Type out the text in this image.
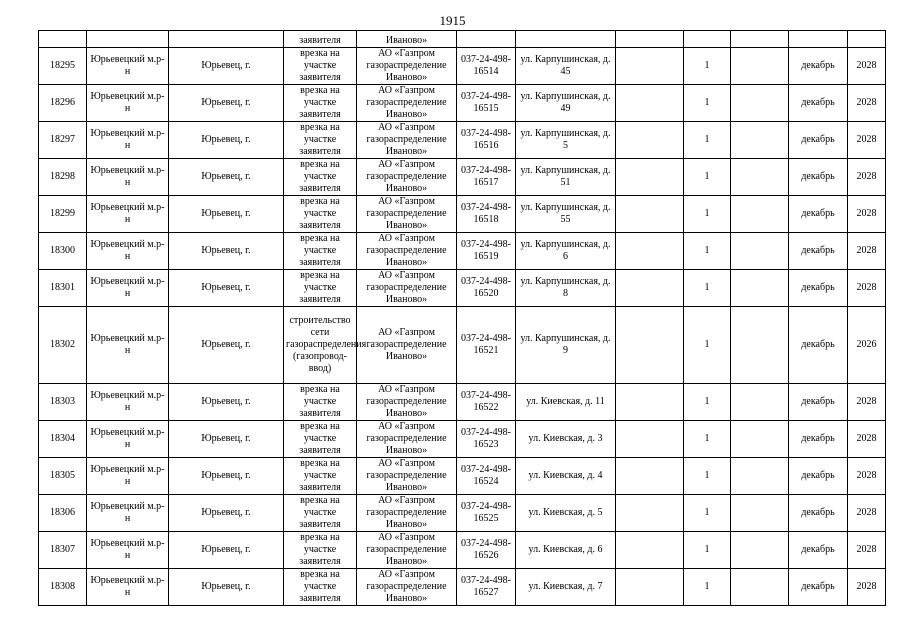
1915
			заявителя	Иваново»							
18295	Юрьевецкий м.р-н	Юрьевец, г.	врезка на участке заявителя	АО «Газпром газораспределение Иваново»	037-24-498-16514	ул. Карпушинская, д. 45		1		декабрь	2028
18296	Юрьевецкий м.р-н	Юрьевец, г.	врезка на участке заявителя	АО «Газпром газораспределение Иваново»	037-24-498-16515	ул. Карпушинская, д. 49		1		декабрь	2028
18297	Юрьевецкий м.р-н	Юрьевец, г.	врезка на участке заявителя	АО «Газпром газораспределение Иваново»	037-24-498-16516	ул. Карпушинская, д. 5		1		декабрь	2028
18298	Юрьевецкий м.р-н	Юрьевец, г.	врезка на участке заявителя	АО «Газпром газораспределение Иваново»	037-24-498-16517	ул. Карпушинская, д. 51		1		декабрь	2028
18299	Юрьевецкий м.р-н	Юрьевец, г.	врезка на участке заявителя	АО «Газпром газораспределение Иваново»	037-24-498-16518	ул. Карпушинская, д. 55		1		декабрь	2028
18300	Юрьевецкий м.р-н	Юрьевец, г.	врезка на участке заявителя	АО «Газпром газораспределение Иваново»	037-24-498-16519	ул. Карпушинская, д. 6		1		декабрь	2028
18301	Юрьевецкий м.р-н	Юрьевец, г.	врезка на участке заявителя	АО «Газпром газораспределение Иваново»	037-24-498-16520	ул. Карпушинская, д. 8		1		декабрь	2028
18302	Юрьевецкий м.р-н	Юрьевец, г.	строительство сети газораспределения (газопровод-ввод)	АО «Газпром газораспределение Иваново»	037-24-498-16521	ул. Карпушинская, д. 9		1		декабрь	2026
18303	Юрьевецкий м.р-н	Юрьевец, г.	врезка на участке заявителя	АО «Газпром газораспределение Иваново»	037-24-498-16522	ул. Киевская, д. 11		1		декабрь	2028
18304	Юрьевецкий м.р-н	Юрьевец, г.	врезка на участке заявителя	АО «Газпром газораспределение Иваново»	037-24-498-16523	ул. Киевская, д. 3		1		декабрь	2028
18305	Юрьевецкий м.р-н	Юрьевец, г.	врезка на участке заявителя	АО «Газпром газораспределение Иваново»	037-24-498-16524	ул. Киевская, д. 4		1		декабрь	2028
18306	Юрьевецкий м.р-н	Юрьевец, г.	врезка на участке заявителя	АО «Газпром газораспределение Иваново»	037-24-498-16525	ул. Киевская, д. 5		1		декабрь	2028
18307	Юрьевецкий м.р-н	Юрьевец, г.	врезка на участке заявителя	АО «Газпром газораспределение Иваново»	037-24-498-16526	ул. Киевская, д. 6		1		декабрь	2028
18308	Юрьевецкий м.р-н	Юрьевец, г.	врезка на участке заявителя	АО «Газпром газораспределение Иваново»	037-24-498-16527	ул. Киевская, д. 7		1		декабрь	2028
